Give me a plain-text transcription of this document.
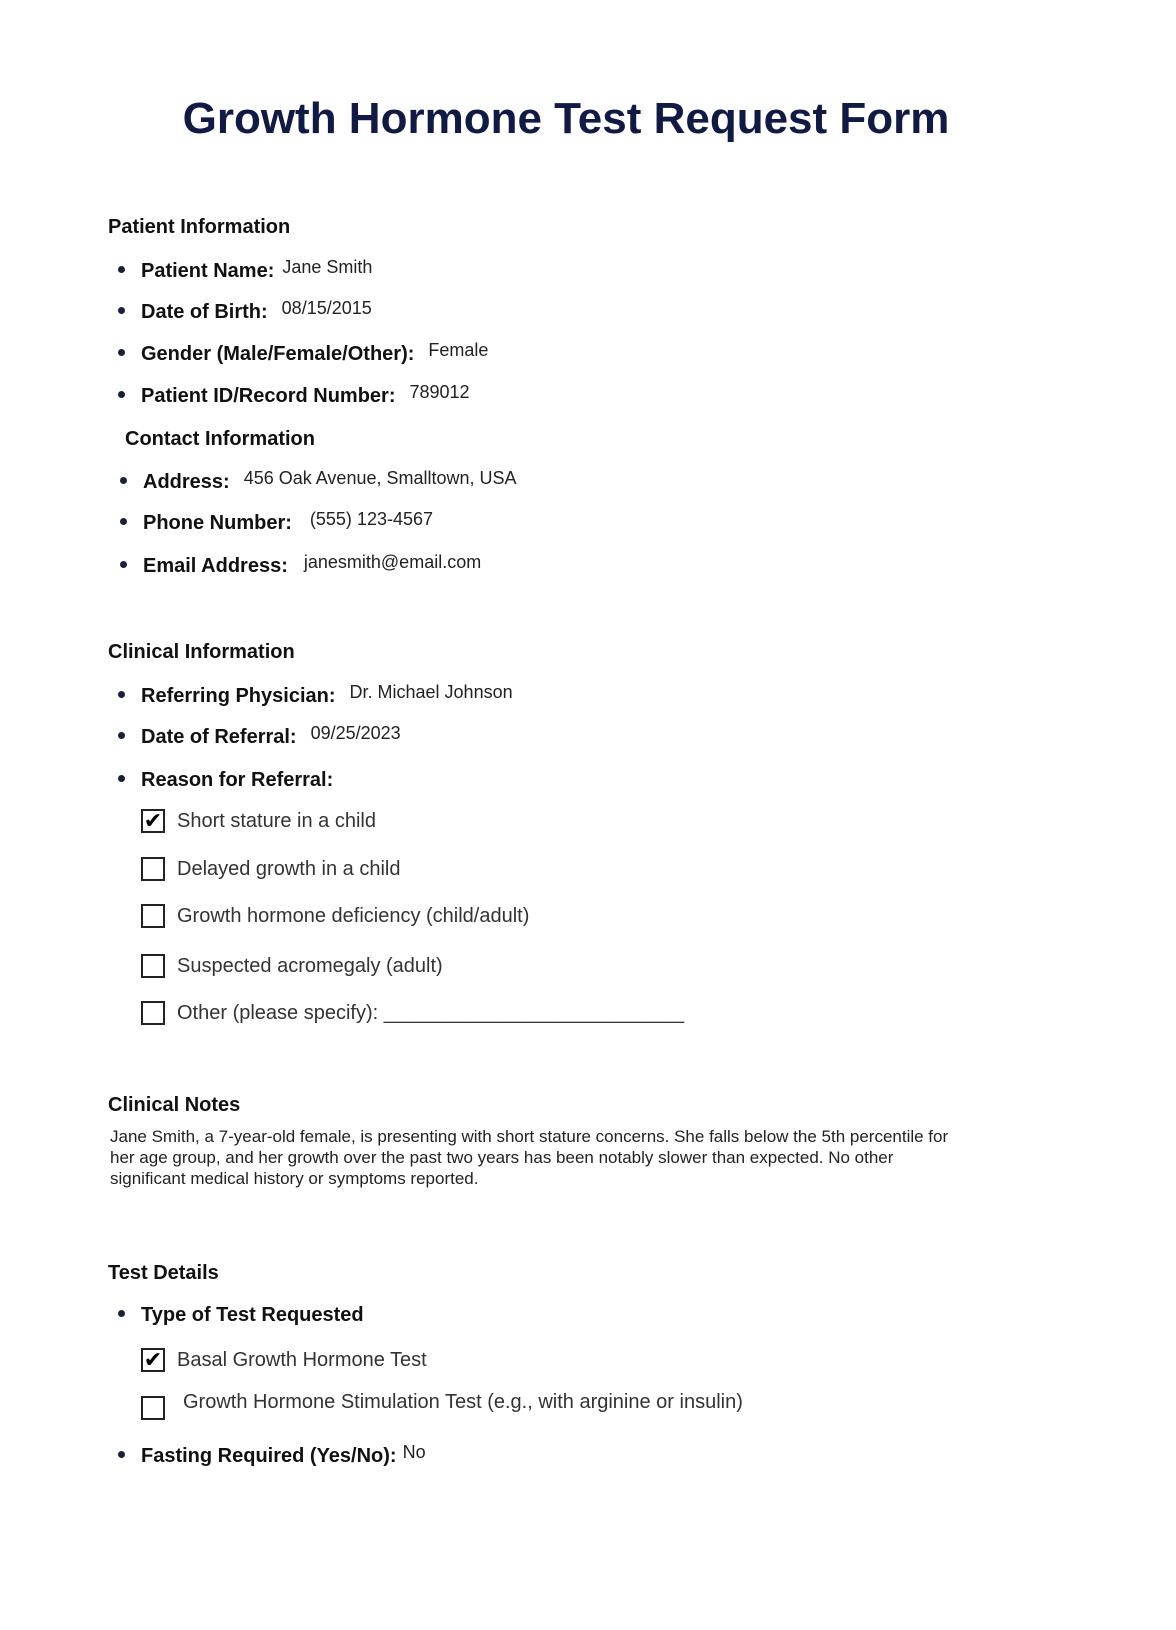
Growth Hormone Test Request Form
Patient Information
Patient Name: Jane Smith
Date of Birth: 08/15/2015
Gender (Male/Female/Other): Female
Patient ID/Record Number: 789012
Contact Information
Address: 456 Oak Avenue, Smalltown, USA
Phone Number: (555) 123-4567
Email Address: janesmith@email.com
Clinical Information
Referring Physician: Dr. Michael Johnson
Date of Referral: 09/25/2023
Reason for Referral:
✔ Short stature in a child
Delayed growth in a child
Growth hormone deficiency (child/adult)
Suspected acromegaly (adult)
Other (please specify): ___________________________
Clinical Notes
Jane Smith, a 7-year-old female, is presenting with short stature concerns. She falls below the 5th percentile for her age group, and her growth over the past two years has been notably slower than expected. No other significant medical history or symptoms reported.
Test Details
Type of Test Requested
✔ Basal Growth Hormone Test
Growth Hormone Stimulation Test (e.g., with arginine or insulin)
Fasting Required (Yes/No): No
